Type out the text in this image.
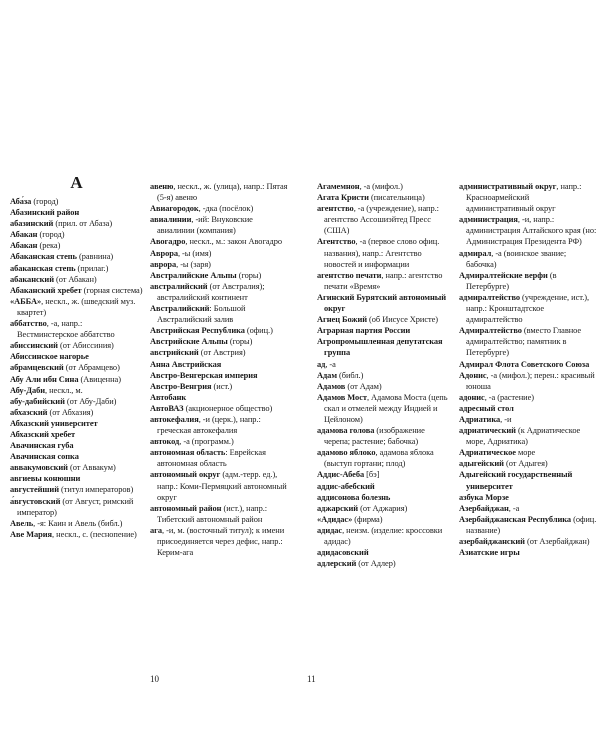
А
Аба́за (город)
Абазинский район
абазинский (прил. от Абаза)
Абакан (город)
Абакан (река)
Абаканская степь (равнина)
абаканская степь (прилаг.)
абаканский (от Абакан)
Абаканский хребет (горная система)
«АББА», нескл., ж. (шведский муз. квартет)
аббатство, -а, напр.: Вестминстерское аббатство
абиссинский (от Абиссиния)
Абиссинское нагорье
абрамцевский (от Абрамцево)
Абу Али ибн Сина (Авиценна)
Абу-Даби, нескл., м.
абу-дабийский (от Абу-Даби)
абхазский (от Абхазия)
Абхазский университет
Абхазский хребет
Авачинская губа
Авачинская сопка
аввакумовский (от Аввакум)
авгиевы конюшни
августейший (титул императоров)
а́вгустовский (от Август, римский император)
Авель, -я: Каин и Авель (библ.)
Аве Мария, нескл., с. (песнопение)
авеню, нескл., ж. (улица), напр.: Пятая (5-я) авеню
Авиагородок, -дка (посёлок)
авиалинии, -ий: Внуковские авиалинии (компания)
Авогадро, нескл., м.: закон Авогадро
Аврора, -ы (имя)
аврора, -ы (заря)
Австралийские Альпы (горы)
австралийский (от Австралия); австралийский континент
Австралийский: Большой Австралийский залив
Австрийская Республика (офиц.)
Австрийские Альпы (горы)
австрийский (от Австрия)
Анна Австрийская
Австро-Венгерская империя
Австро-Венгрия (ист.)
Автобанк
АвтоВАЗ (акционерное общество)
автокефалия, -и (церк.), напр.: греческая автокефалия
автокод, -а (программ.)
автономная область: Еврейская автономная область
автономный округ (адм.-терр. ед.), напр.: Коми-Пермяцкий автономный округ
автономный район (ист.), напр.: Тибетский автономный район
ага, -и, м. (восточный титул); к имени присоединяется через дефис, напр.: Керим-ага
10
Агамемнон, -а (мифол.)
Агата Кристи (писательница)
агентство, -а (учреждение), напр.: агентство Ассошиэйтед Пресс (США)
Агентство, -а (первое слово офиц. названия), напр.: Агентство новостей и информации
агентство печати, напр.: агентство печати «Время»
Агинский Бурятский автономный округ
Агнец Божий (об Иисусе Христе)
Аграрная партия России
Агропромышленная депутатская группа
ад, -а
Адам (библ.)
Адамов (от Адам)
Адамов Мост, Адамова Моста (цепь скал и отмелей между Индией и Цейлоном)
адамова голова (изображение черепа; растение; бабочка)
адамово яблоко, адамова яблока (выступ гортани; плод)
Аддис-Абеба [бэ]
аддис-абебский
аддисонова болезнь
аджарский (от Аджария)
«Адидас» (фирма)
адидас, неизм. (изделие: кроссовки адидас)
адидасовский
адлерский (от Адлер)
административный округ, напр.: Красноармейский административный округ
администрация, -и, напр.: администрация Алтайского края (но: Администрация Президента РФ)
адмирал, -а (воинское звание; бабочка)
Адмиралтейские верфи (в Петербурге)
адмиралтейство (учреждение, ист.), напр.: Кронштадтское адмиралтейство
Адмиралтейство (вместо Главное адмиралтейство; памятник в Петербурге)
Адмирал Флота Советского Союза
Адонис, -а (мифол.); перен.: красивый юноша
адонис, -а (растение)
адресный стол
Адриатика, -и
адриатический (к Адриатическое море, Адриатика)
Адриатическое море
адыгейский (от Адыгея)
Адыгейский государственный университет
азбука Морзе
Азербайджан, -а
Азербайджанская Республика (офиц. название)
азербайджанский (от Азербайджан)
Азиатские игры
11
